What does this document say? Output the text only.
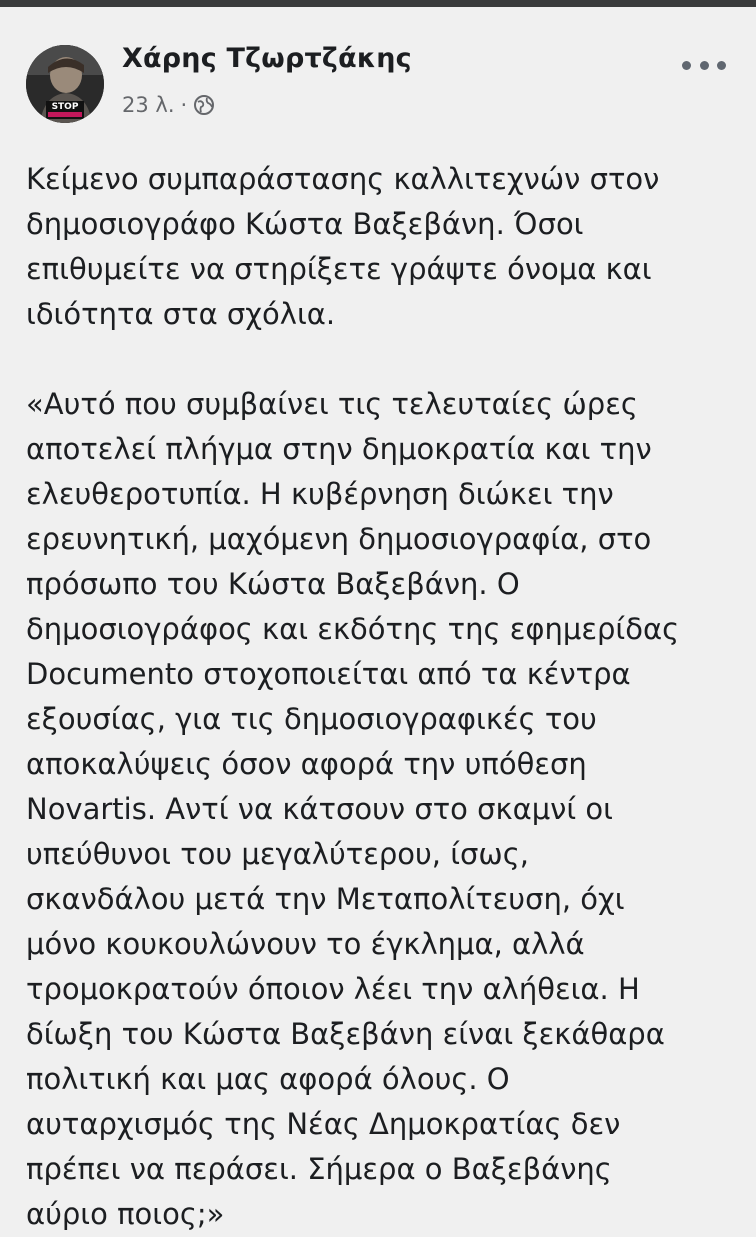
STOP
Χάρης Τζωρτζάκης
23 λ. ·

Κείμενο συμπαράστασης καλλιτεχνών στον
δημοσιογράφο Κώστα Βαξεβάνη. Όσοι
επιθυμείτε να στηρίξετε γράψτε όνομα και
ιδιότητα στα σχόλια.

«Αυτό που συμβαίνει τις τελευταίες ώρες
αποτελεί πλήγμα στην δημοκρατία και την
ελευθεροτυπία. Η κυβέρνηση διώκει την
ερευνητική, μαχόμενη δημοσιογραφία, στο
πρόσωπο του Κώστα Βαξεβάνη. Ο
δημοσιογράφος και εκδότης της εφημερίδας
Documento στοχοποιείται από τα κέντρα
εξουσίας, για τις δημοσιογραφικές του
αποκαλύψεις όσον αφορά την υπόθεση
Novartis. Αντί να κάτσουν στο σκαμνί οι
υπεύθυνοι του μεγαλύτερου, ίσως,
σκανδάλου μετά την Μεταπολίτευση, όχι
μόνο κουκουλώνουν το έγκλημα, αλλά
τρομοκρατούν όποιον λέει την αλήθεια. Η
δίωξη του Κώστα Βαξεβάνη είναι ξεκάθαρα
πολιτική και μας αφορά όλους. Ο
αυταρχισμός της Νέας Δημοκρατίας δεν
πρέπει να περάσει. Σήμερα ο Βαξεβάνης
αύριο ποιος;»
